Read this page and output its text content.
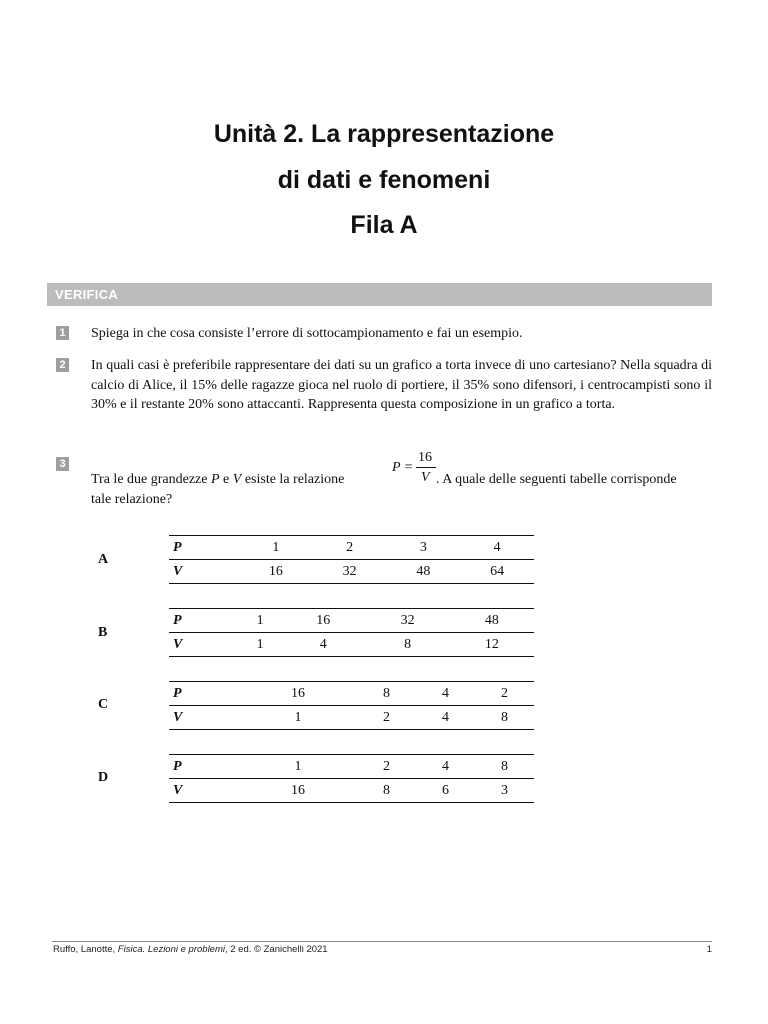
Unità 2. La rappresentazione
di dati e fenomeni
Fila A
VERIFICA
1 Spiega in che cosa consiste l’errore di sottocampionamento e fai un esempio.
2 In quali casi è preferibile rappresentare dei dati su un grafico a torta invece di uno cartesiano? Nella squadra di calcio di Alice, il 15% delle ragazze gioca nel ruolo di portiere, il 35% sono difensori, i centrocampisti sono il 30% e il restante 20% sono attaccanti. Rappresenta questa composizione in un grafico a torta.
3
Tra le due grandezze P e V esiste la relazione
P =
16
V . A quale delle seguenti tabelle corrisponde
tale relazione?
A
P	1	2	3	4
V	16	32	48	64
B
P	1	16	32	48
V	1	4	8	12
C
P	16	8	4	2
V	1	2	4	8
D
P	1	2	4	8
V	16	8	6	3
Ruffo, Lanotte, Fisica. Lezioni e problemi, 2 ed. © Zanichelli 2021	1
